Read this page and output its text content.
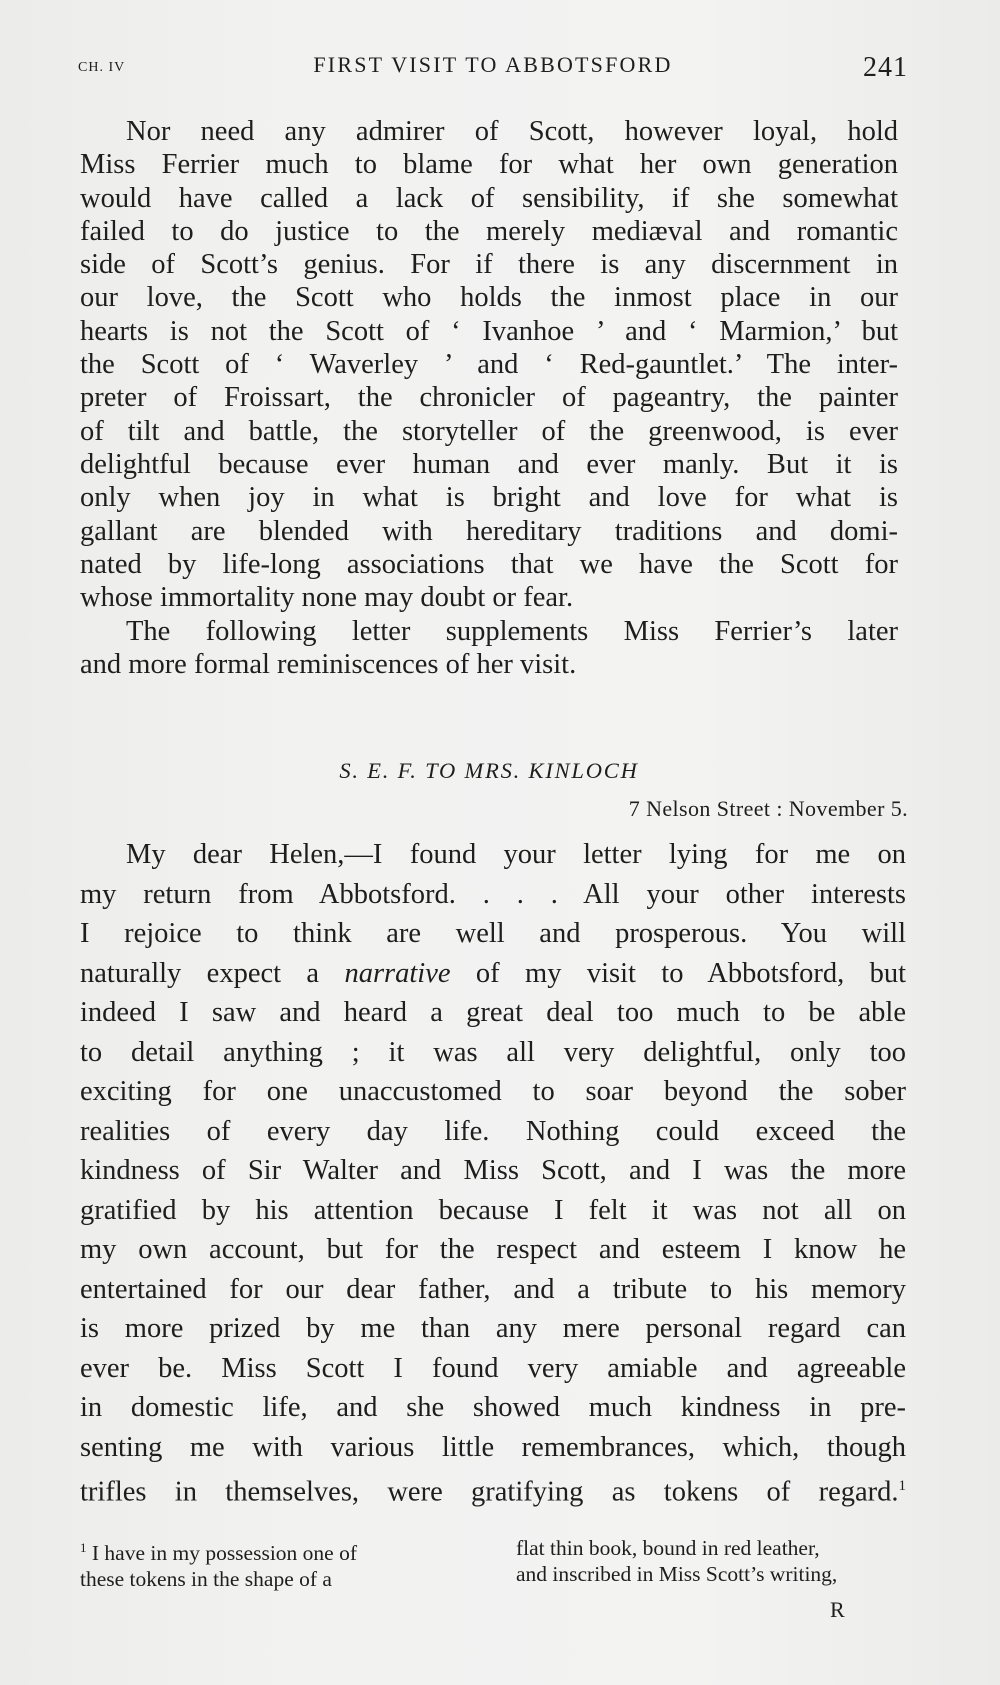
CH. IV	FIRST VISIT TO ABBOTSFORD	241
Nor need any admirer of Scott, however loyal, hold
Miss Ferrier much to blame for what her own generation
would have called a lack of sensibility, if she somewhat
failed to do justice to the merely mediæval and romantic
side of Scott’s genius. For if there is any discernment in
our love, the Scott who holds the inmost place in our
hearts is not the Scott of ‘ Ivanhoe ’ and ‘ Marmion,’ but
the Scott of ‘ Waverley ’ and ‘ Red-gauntlet.’ The inter-
preter of Froissart, the chronicler of pageantry, the painter
of tilt and battle, the storyteller of the greenwood, is ever
delightful because ever human and ever manly. But it is
only when joy in what is bright and love for what is
gallant are blended with hereditary traditions and domi-
nated by life-long associations that we have the Scott for
whose immortality none may doubt or fear.
The following letter supplements Miss Ferrier’s later
and more formal reminiscences of her visit.
S. E. F. TO MRS. KINLOCH
7 Nelson Street : November 5.
My dear Helen,—I found your letter lying for me on
my return from Abbotsford. . . . All your other interests
I rejoice to think are well and prosperous. You will
naturally expect a narrative of my visit to Abbotsford, but
indeed I saw and heard a great deal too much to be able
to detail anything ; it was all very delightful, only too
exciting for one unaccustomed to soar beyond the sober
realities of every day life. Nothing could exceed the
kindness of Sir Walter and Miss Scott, and I was the more
gratified by his attention because I felt it was not all on
my own account, but for the respect and esteem I know he
entertained for our dear father, and a tribute to his memory
is more prized by me than any mere personal regard can
ever be. Miss Scott I found very amiable and agreeable
in domestic life, and she showed much kindness in pre-
senting me with various little remembrances, which, though
trifles in themselves, were gratifying as tokens of regard.$^1$
$^1$ I have in my possession one of
these tokens in the shape of a
flat thin book, bound in red leather,
and inscribed in Miss Scott’s writing,
R
